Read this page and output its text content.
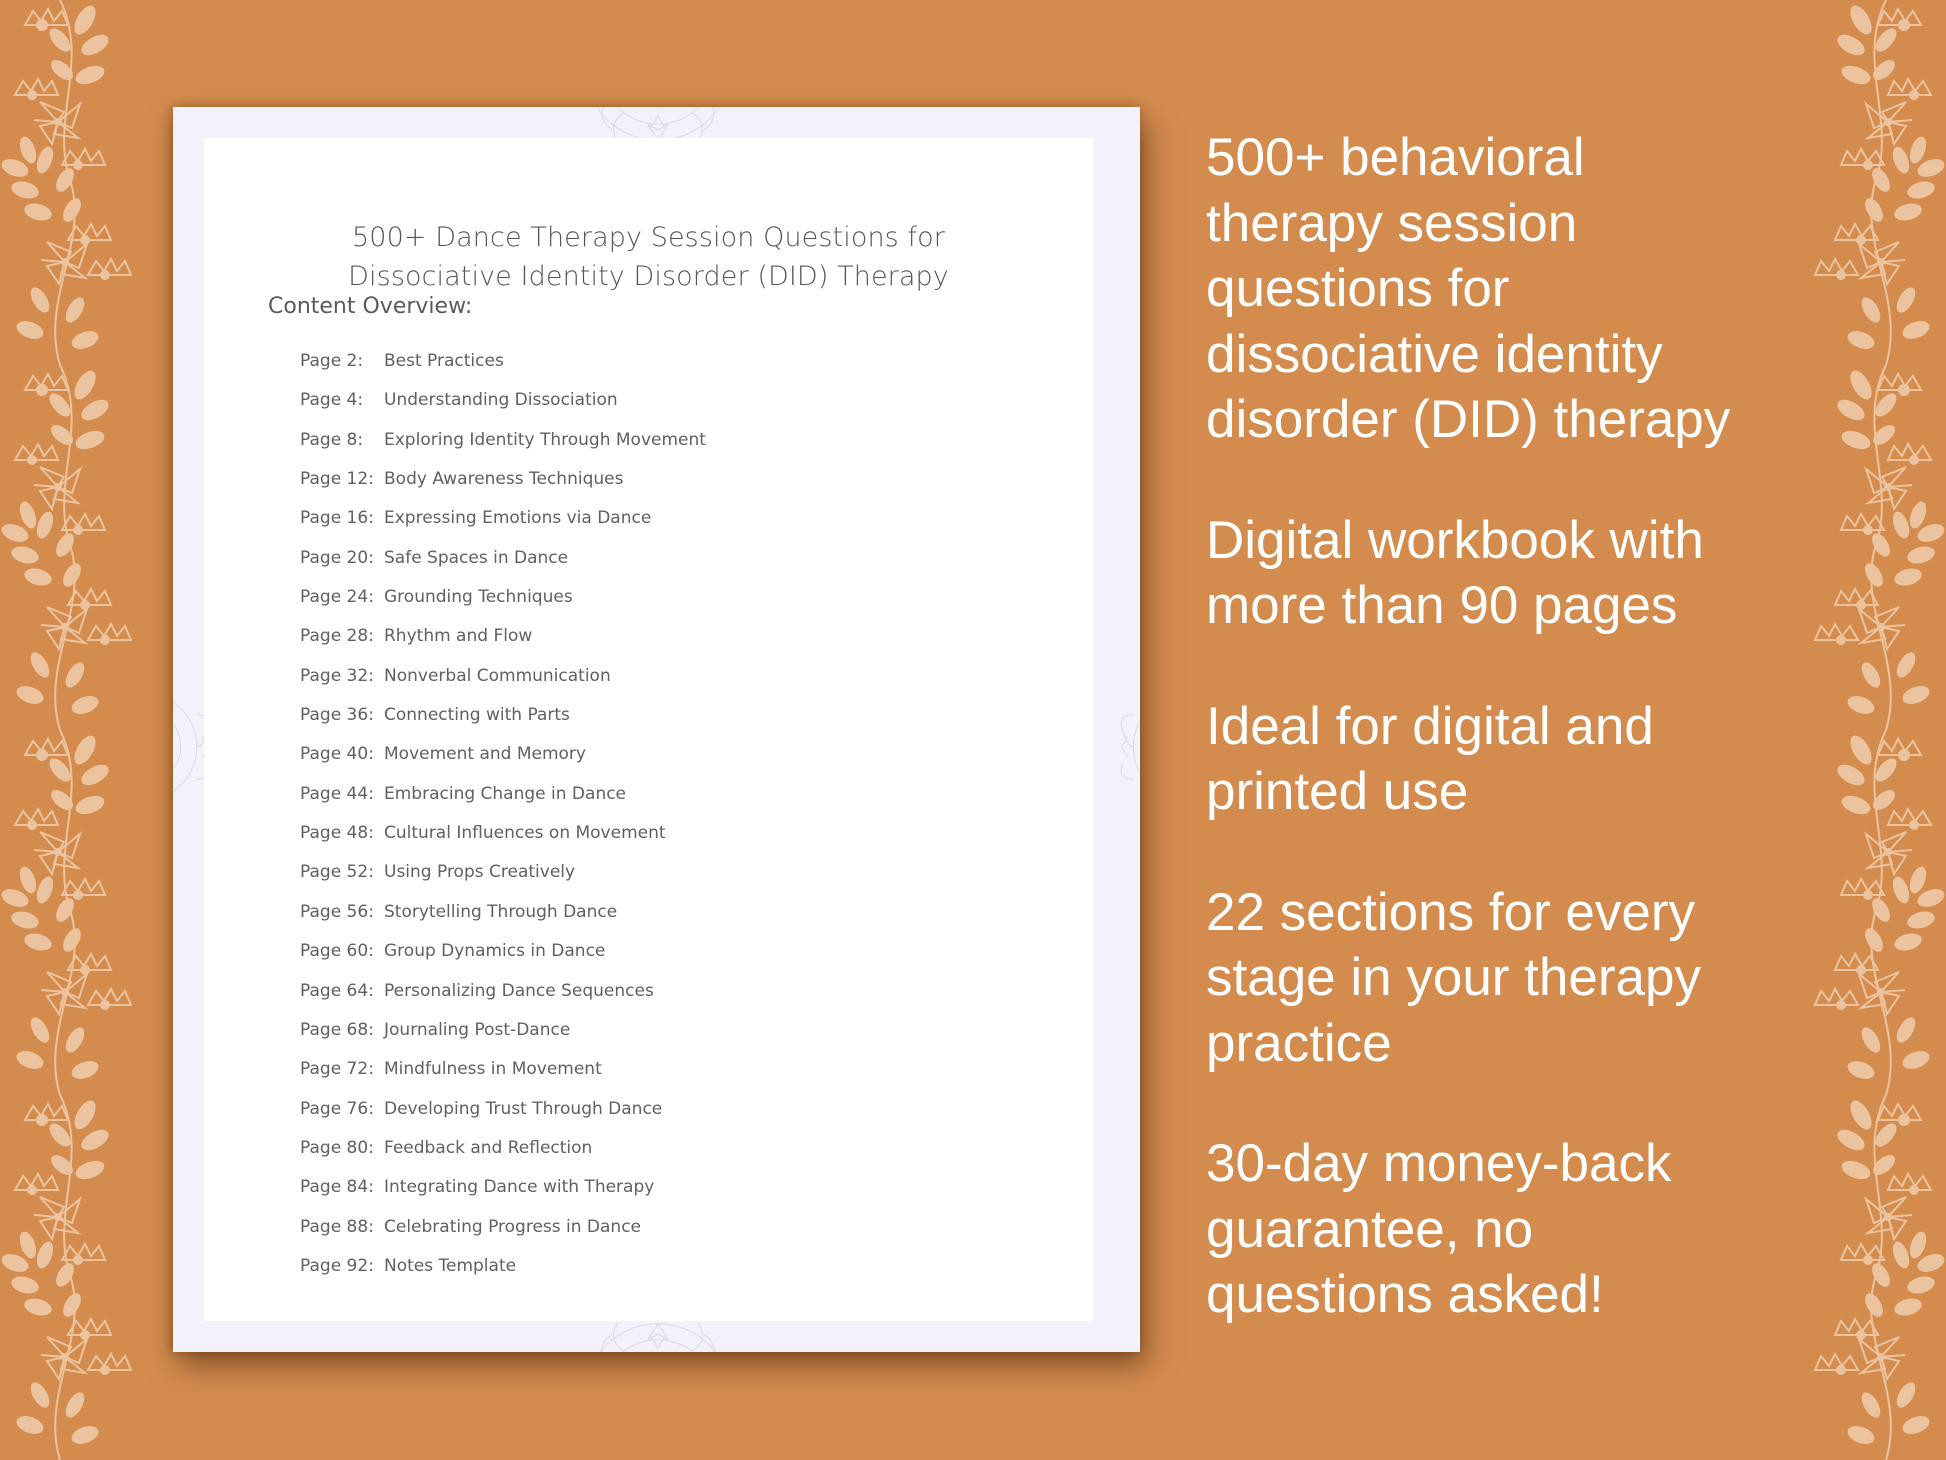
500+ Dance Therapy Session Questions for
Dissociative Identity Disorder (DID) Therapy
Content Overview:
Page 2: Best Practices
Page 4: Understanding Dissociation
Page 8: Exploring Identity Through Movement
Page 12: Body Awareness Techniques
Page 16: Expressing Emotions via Dance
Page 20: Safe Spaces in Dance
Page 24: Grounding Techniques
Page 28: Rhythm and Flow
Page 32: Nonverbal Communication
Page 36: Connecting with Parts
Page 40: Movement and Memory
Page 44: Embracing Change in Dance
Page 48: Cultural Influences on Movement
Page 52: Using Props Creatively
Page 56: Storytelling Through Dance
Page 60: Group Dynamics in Dance
Page 64: Personalizing Dance Sequences
Page 68: Journaling Post-Dance
Page 72: Mindfulness in Movement
Page 76: Developing Trust Through Dance
Page 80: Feedback and Reflection
Page 84: Integrating Dance with Therapy
Page 88: Celebrating Progress in Dance
Page 92: Notes Template
500+ behavioral
therapy session
questions for
dissociative identity
disorder (DID) therapy
Digital workbook with
more than 90 pages
Ideal for digital and
printed use
22 sections for every
stage in your therapy
practice
30-day money-back
guarantee, no
questions asked!
